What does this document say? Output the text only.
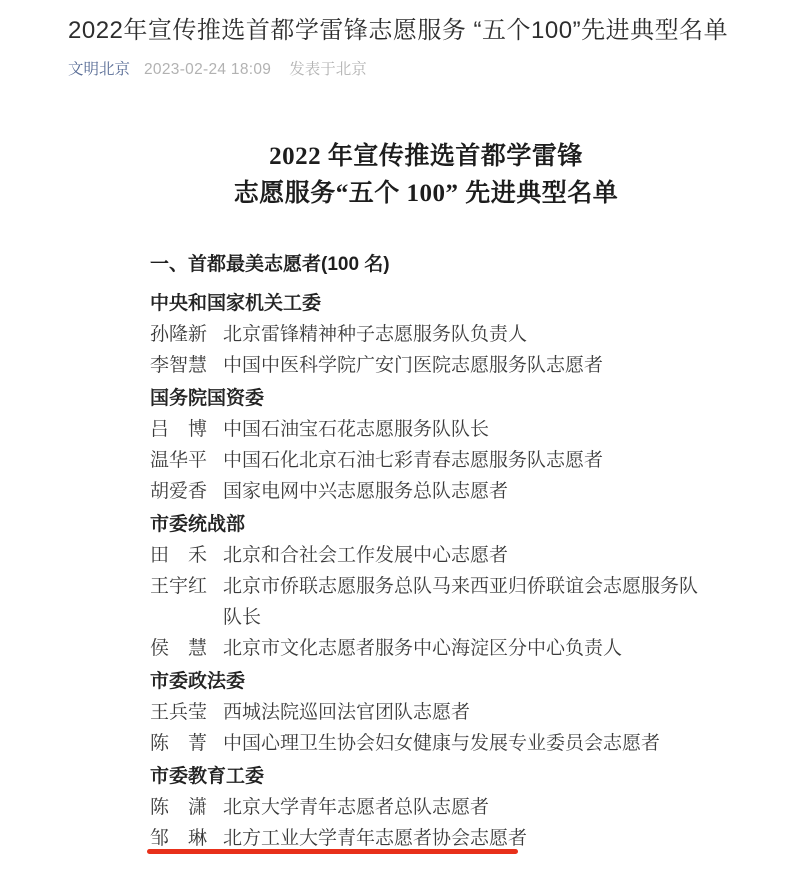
2022年宣传推选首都学雷锋志愿服务 “五个100”先进典型名单
文明北京 2023-02-24 18:09 发表于北京
2022 年宣传推选首都学雷锋
志愿服务“五个 100” 先进典型名单
一、首都最美志愿者(100 名)
中央和国家机关工委
孙隆新 北京雷锋精神种子志愿服务队负责人
李智慧 中国中医科学院广安门医院志愿服务队志愿者
国务院国资委
吕　博 中国石油宝石花志愿服务队队长
温华平 中国石化北京石油七彩青春志愿服务队志愿者
胡爱香 国家电网中兴志愿服务总队志愿者
市委统战部
田　禾 北京和合社会工作发展中心志愿者
王宇红 北京市侨联志愿服务总队马来西亚归侨联谊会志愿服务队队长
侯　慧 北京市文化志愿者服务中心海淀区分中心负责人
市委政法委
王兵莹 西城法院巡回法官团队志愿者
陈　菁 中国心理卫生协会妇女健康与发展专业委员会志愿者
市委教育工委
陈　潇 北京大学青年志愿者总队志愿者
邹　琳 北方工业大学青年志愿者协会志愿者
